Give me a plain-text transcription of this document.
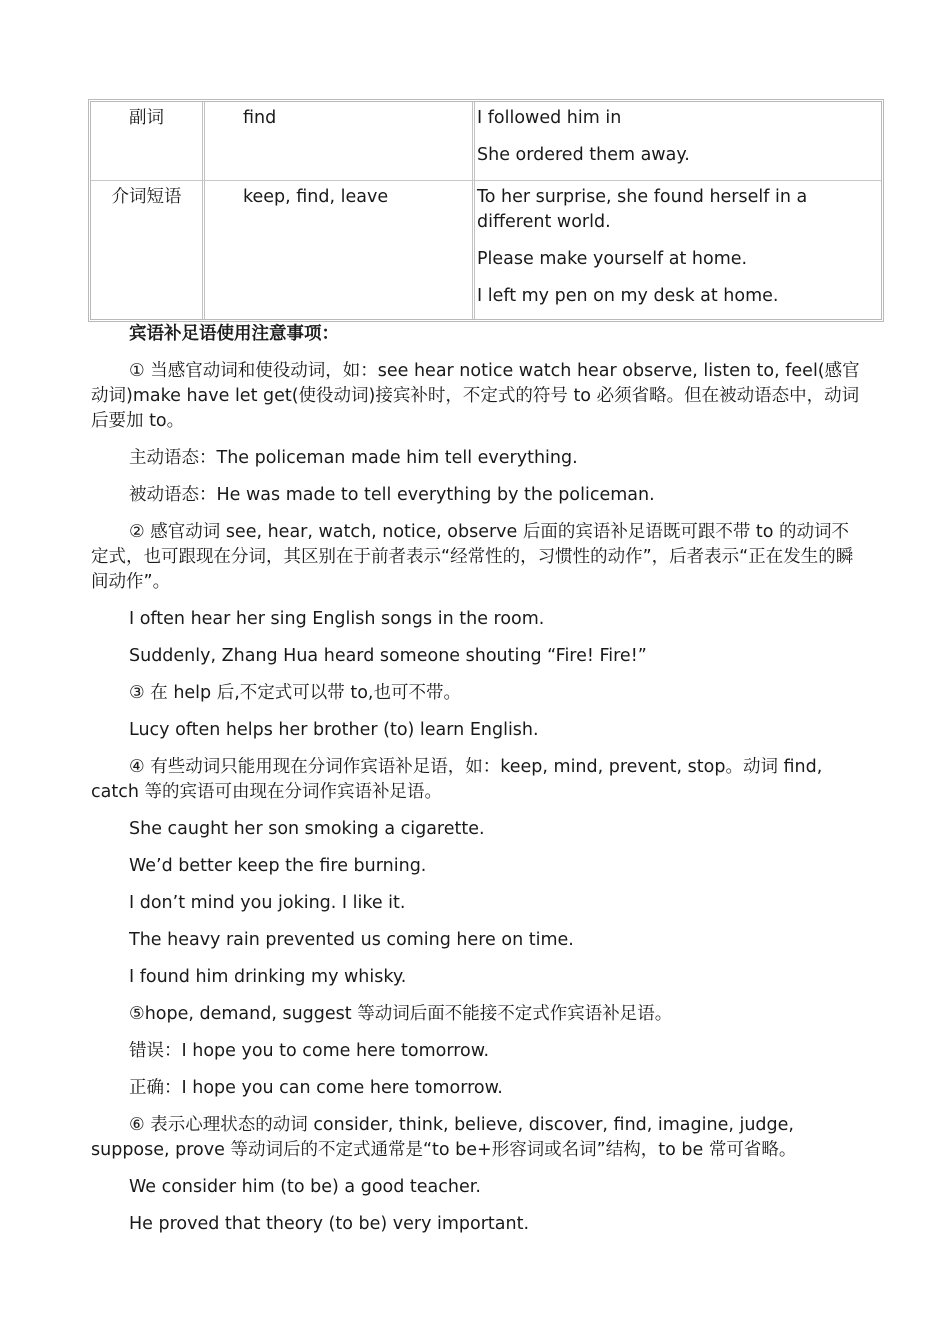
副词	find	I followed him in

She ordered them away.

介词短语	keep, find, leave	To her surprise, she found herself in a different world.

Please make yourself at home.

I left my pen on my desk at home.

宾语补足语使用注意事项：

① 当感官动词和使役动词，如：see hear notice watch hear observe, listen to, feel(感官动词)make have let get(使役动词)接宾补时，不定式的符号 to 必须省略。但在被动语态中，动词后要加 to。

主动语态：The policeman made him tell everything.

被动语态：He was made to tell everything by the policeman.

② 感官动词 see, hear, watch, notice, observe 后面的宾语补足语既可跟不带 to 的动词不定式，也可跟现在分词，其区别在于前者表示“经常性的，习惯性的动作”，后者表示“正在发生的瞬间动作”。

I often hear her sing English songs in the room.

Suddenly, Zhang Hua heard someone shouting “Fire! Fire!”

③ 在 help 后,不定式可以带 to,也可不带。

Lucy often helps her brother (to) learn English.

④ 有些动词只能用现在分词作宾语补足语，如：keep, mind, prevent, stop。动词 find, catch 等的宾语可由现在分词作宾语补足语。

She caught her son smoking a cigarette.

We’d better keep the fire burning.

I don’t mind you joking. I like it.

The heavy rain prevented us coming here on time.

I found him drinking my whisky.

⑤hope, demand, suggest 等动词后面不能接不定式作宾语补足语。

错误：I hope you to come here tomorrow.

正确：I hope you can come here tomorrow.

⑥ 表示心理状态的动词 consider, think, believe, discover, find, imagine, judge, suppose, prove 等动词后的不定式通常是“to be+形容词或名词”结构，to be 常可省略。

We consider him (to be) a good teacher.

He proved that theory (to be) very important.
